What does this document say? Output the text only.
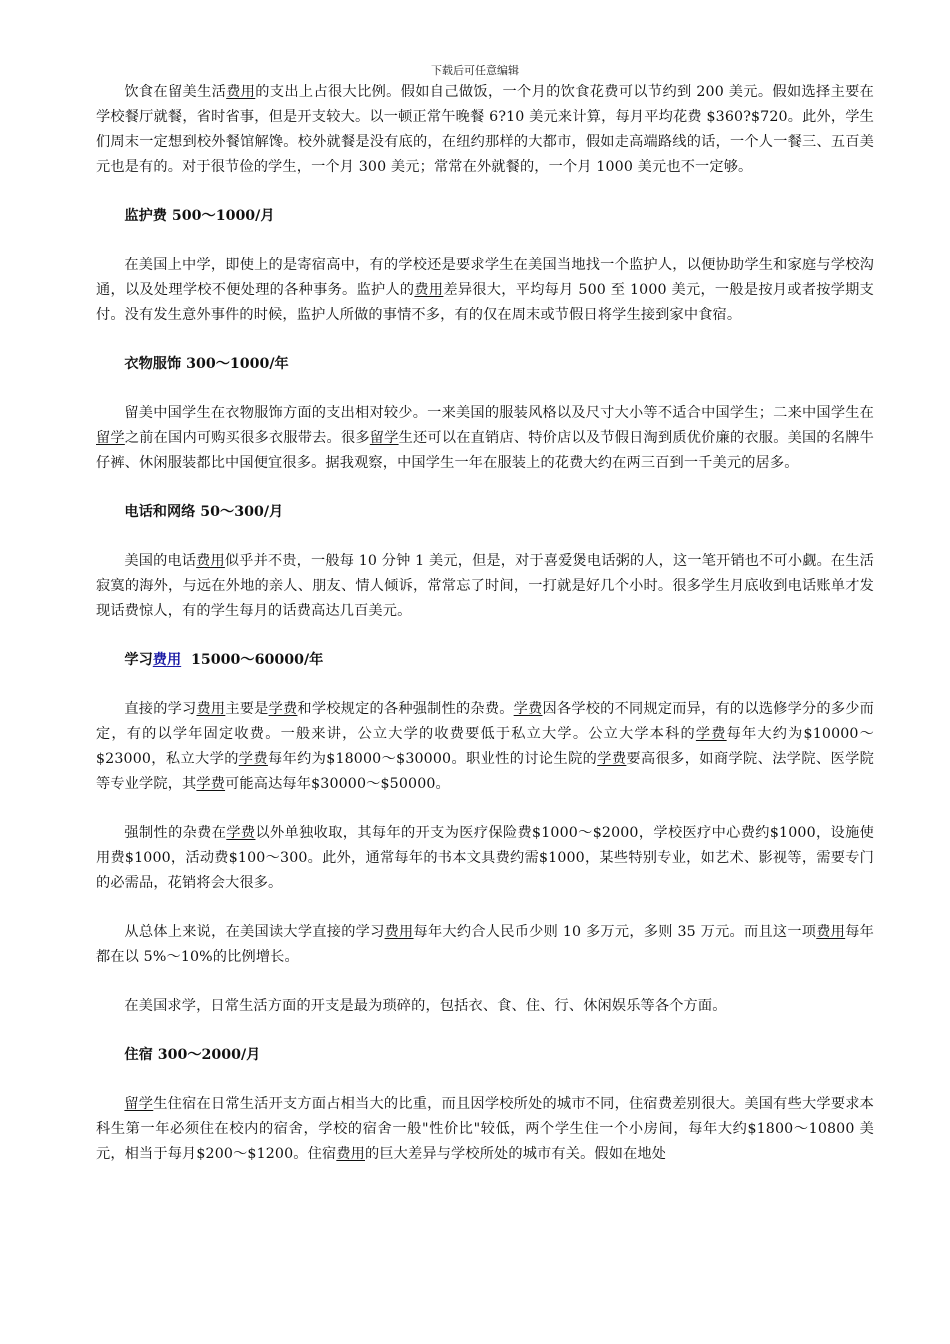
下载后可任意编辑

饮食在留美生活费用的支出上占很大比例。假如自己做饭，一个月的饮食花费可以节约到 200 美元。假如选择主要在学校餐厅就餐，省时省事，但是开支较大。以一顿正常午晚餐 6?10 美元来计算，每月平均花费 $360?$720。此外，学生们周末一定想到校外餐馆解馋。校外就餐是没有底的，在纽约那样的大都市，假如走高端路线的话，一个人一餐三、五百美元也是有的。对于很节俭的学生，一个月 300 美元；常常在外就餐的，一个月 1000 美元也不一定够。

监护费 500～1000/月

在美国上中学，即使上的是寄宿高中，有的学校还是要求学生在美国当地找一个监护人，以便协助学生和家庭与学校沟通，以及处理学校不便处理的各种事务。监护人的费用差异很大，平均每月 500 至 1000 美元，一般是按月或者按学期支付。没有发生意外事件的时候，监护人所做的事情不多，有的仅在周末或节假日将学生接到家中食宿。

衣物服饰 300～1000/年

留美中国学生在衣物服饰方面的支出相对较少。一来美国的服装风格以及尺寸大小等不适合中国学生；二来中国学生在留学之前在国内可购买很多衣服带去。很多留学生还可以在直销店、特价店以及节假日淘到质优价廉的衣服。美国的名牌牛仔裤、休闲服装都比中国便宜很多。据我观察，中国学生一年在服装上的花费大约在两三百到一千美元的居多。

电话和网络 50～300/月

美国的电话费用似乎并不贵，一般每 10 分钟 1 美元，但是，对于喜爱煲电话粥的人，这一笔开销也不可小觑。在生活寂寞的海外，与远在外地的亲人、朋友、情人倾诉，常常忘了时间，一打就是好几个小时。很多学生月底收到电话账单才发现话费惊人，有的学生每月的话费高达几百美元。

学习费用  15000～60000/年

直接的学习费用主要是学费和学校规定的各种强制性的杂费。学费因各学校的不同规定而异，有的以选修学分的多少而定，有的以学年固定收费。一般来讲，公立大学的收费要低于私立大学。公立大学本科的学费每年大约为$10000～$23000，私立大学的学费每年约为$18000～$30000。职业性的讨论生院的学费要高很多，如商学院、法学院、医学院等专业学院，其学费可能高达每年$30000～$50000。

强制性的杂费在学费以外单独收取，其每年的开支为医疗保险费$1000～$2000，学校医疗中心费约$1000，设施使用费$1000，活动费$100～300。此外，通常每年的书本文具费约需$1000，某些特别专业，如艺术、影视等，需要专门的必需品，花销将会大很多。

从总体上来说，在美国读大学直接的学习费用每年大约合人民币少则 10 多万元，多则 35 万元。而且这一项费用每年都在以 5%～10%的比例增长。

在美国求学，日常生活方面的开支是最为琐碎的，包括衣、食、住、行、休闲娱乐等各个方面。

住宿 300～2000/月

留学生住宿在日常生活开支方面占相当大的比重，而且因学校所处的城市不同，住宿费差别很大。美国有些大学要求本科生第一年必须住在校内的宿舍，学校的宿舍一般"性价比"较低，两个学生住一个小房间，每年大约$1800～10800 美元，相当于每月$200～$1200。住宿费用的巨大差异与学校所处的城市有关。假如在地处
